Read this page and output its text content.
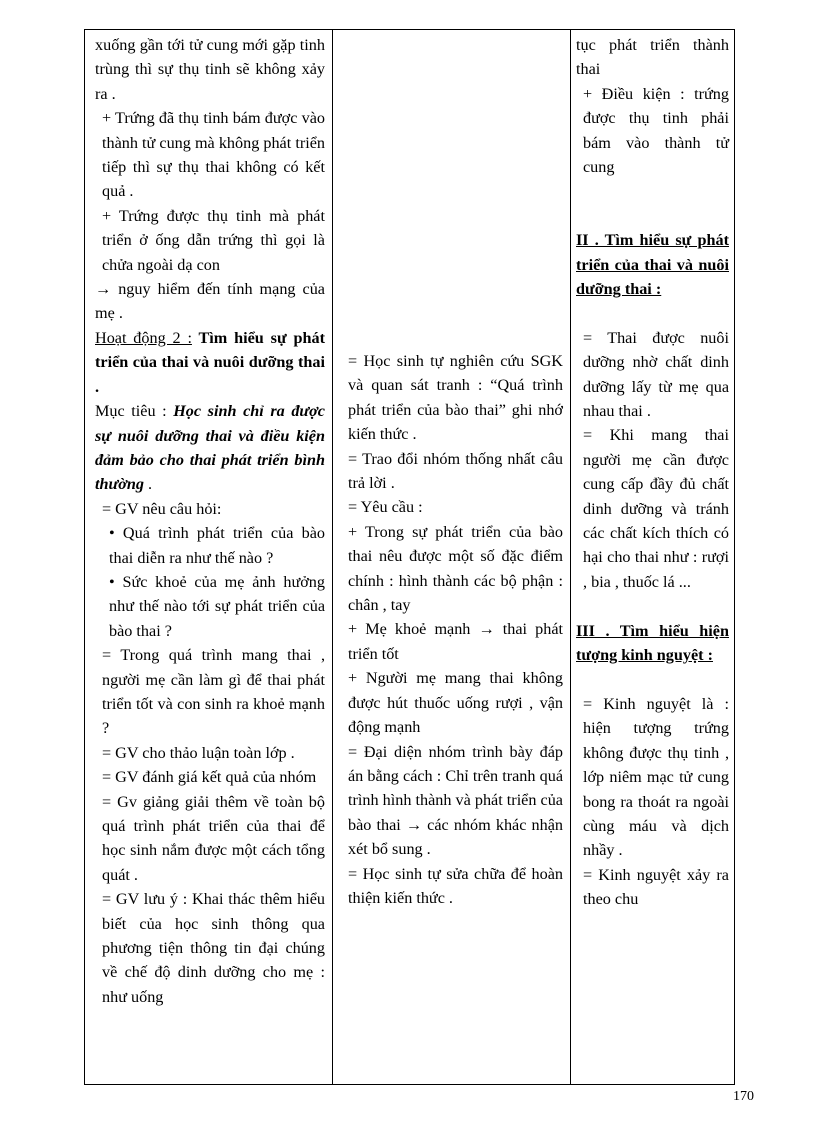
xuống gần tới tử cung mới gặp tinh trùng thì sự thụ tinh sẽ không xảy ra .

+ Trứng đã thụ tinh bám được vào thành tử cung mà không phát triển tiếp thì sự thụ thai không có kết quả .

+ Trứng được thụ tinh mà phát triển ở ống dẫn trứng thì gọi là chửa ngoài dạ con

→ nguy hiểm đến tính mạng của mẹ .

Hoạt động 2 : Tìm hiểu sự phát triển của thai và nuôi dưỡng thai .

Mục tiêu : Học sinh chỉ ra được sự nuôi dưỡng thai và điều kiện đảm bảo cho thai phát triển bình thường .

= GV nêu câu hỏi:

• Quá trình phát triển của bào thai diễn ra như thế nào ?

• Sức khoẻ của mẹ ảnh hưởng như thế nào tới sự phát triển của bào thai ?

= Trong quá trình mang thai , người mẹ cần làm gì để thai phát triển tốt và con sinh ra khoẻ mạnh ?

= GV cho thảo luận toàn lớp .

= GV đánh giá kết quả của nhóm

= Gv giảng giải thêm về toàn bộ quá trình phát triển của thai để học sinh nắm được một cách tổng quát .

= GV lưu ý : Khai thác thêm hiểu biết của học sinh thông qua phương tiện thông tin đại chúng về chế độ dinh dưỡng cho mẹ : như uống

= Học sinh tự nghiên cứu SGK và quan sát tranh : “Quá trình phát triển của bào thai” ghi nhớ kiến thức .

= Trao đổi nhóm thống nhất câu trả lời .

= Yêu cầu :

+ Trong sự phát triển của bào thai nêu được một số đặc điểm chính : hình thành các bộ phận : chân , tay

+ Mẹ khoẻ mạnh → thai phát triển tốt

+ Người mẹ mang thai không được hút thuốc uống rượi , vận động mạnh

= Đại diện nhóm trình bày đáp án bằng cách : Chỉ trên tranh quá trình hình thành và phát triển của bào thai → các nhóm khác nhận xét bổ sung .

= Học sinh tự sửa chữa để hoàn thiện kiến thức .

tục phát triển thành thai

+ Điều kiện : trứng được thụ tinh phải bám vào thành tử cung

II . Tìm hiểu sự phát triển của thai và nuôi dưỡng thai :

= Thai được nuôi dưỡng nhờ chất dinh dưỡng lấy từ mẹ qua nhau thai .

= Khi mang thai người mẹ cần được cung cấp đầy đủ chất dinh dưỡng và tránh các chất kích thích có hại cho thai như : rượi , bia , thuốc lá ...

III . Tìm hiểu hiện tượng kinh nguyệt :

= Kinh nguyệt là : hiện tượng trứng không được thụ tinh , lớp niêm mạc tử cung bong ra thoát ra ngoài cùng máu và dịch nhầy .

= Kinh nguyệt xảy ra theo chu

170
